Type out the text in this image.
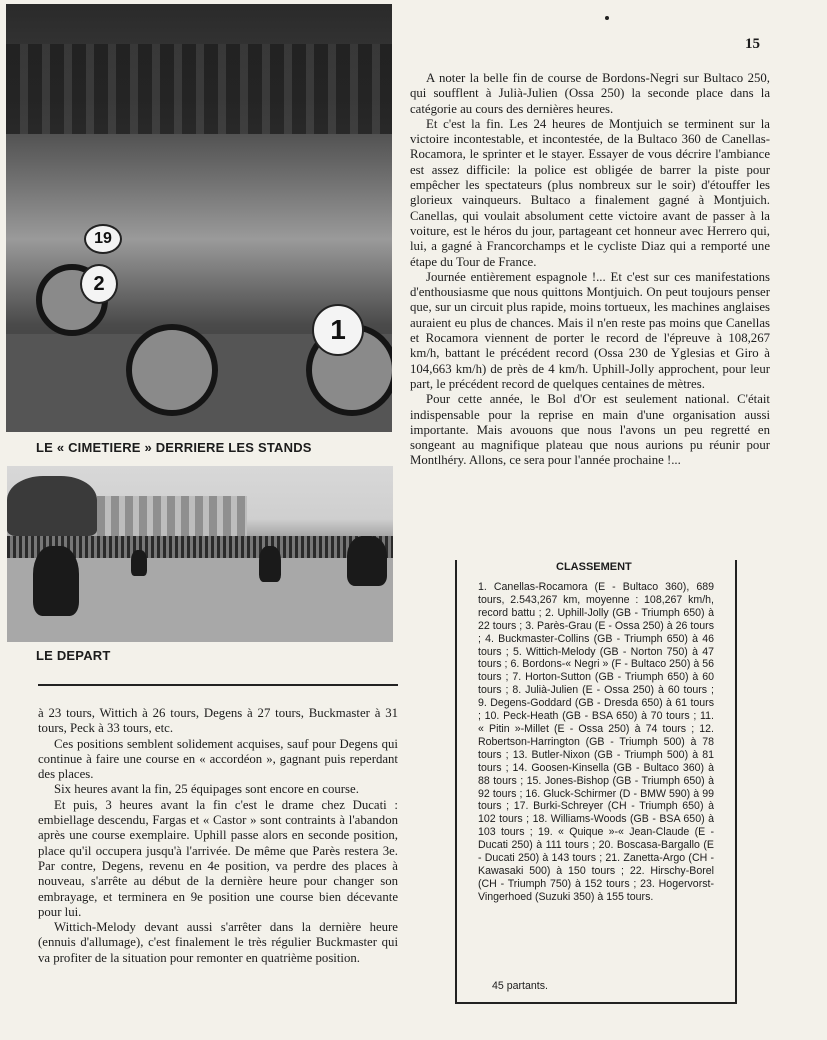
15
19
2
1
LE « CIMETIERE » DERRIERE LES STANDS
LE DEPART

A noter la belle fin de course de Bordons-Negri sur Bultaco 250, qui soufflent à Julià-Julien (Ossa 250) la seconde place dans la catégorie au cours des dernières heures.

Et c'est la fin. Les 24 heures de Montjuich se terminent sur la victoire incontestable, et incontestée, de la Bultaco 360 de Canellas-Rocamora, le sprinter et le stayer. Essayer de vous décrire l'ambiance est assez difficile: la police est obligée de barrer la piste pour empêcher les spectateurs (plus nombreux sur le soir) d'étouffer les glorieux vainqueurs. Bultaco a finalement gagné à Montjuich. Canellas, qui voulait absolument cette victoire avant de passer à la voiture, est le héros du jour, partageant cet honneur avec Herrero qui, lui, a gagné à Francorchamps et le cycliste Diaz qui a remporté une étape du Tour de France.

Journée entièrement espagnole !... Et c'est sur ces manifestations d'enthousiasme que nous quittons Montjuich. On peut toujours penser que, sur un circuit plus rapide, moins tortueux, les machines anglaises auraient eu plus de chances. Mais il n'en reste pas moins que Canellas et Rocamora viennent de porter le record de l'épreuve à 108,267 km/h, battant le précédent record (Ossa 230 de Yglesias et Giro à 104,663 km/h) de près de 4 km/h. Uphill-Jolly approchent, pour leur part, le précédent record de quelques centaines de mètres.

Pour cette année, le Bol d'Or est seulement national. C'était indispensable pour la reprise en main d'une organisation aussi importante. Mais avouons que nous l'avons un peu regretté en songeant au magnifique plateau que nous aurions pu réunir pour Montlhéry. Allons, ce sera pour l'année prochaine !...

à 23 tours, Wittich à 26 tours, Degens à 27 tours, Buckmaster à 31 tours, Peck à 33 tours, etc.

Ces positions semblent solidement acquises, sauf pour Degens qui continue à faire une course en « accordéon », gagnant puis reperdant des places.

Six heures avant la fin, 25 équipages sont encore en course.

Et puis, 3 heures avant la fin c'est le drame chez Ducati : embiellage descendu, Fargas et « Castor » sont contraints à l'abandon après une course exemplaire. Uphill passe alors en seconde position, place qu'il occupera jusqu'à l'arrivée. De même que Parès restera 3e. Par contre, Degens, revenu en 4e position, va perdre des places à nouveau, s'arrête au début de la dernière heure pour changer son embrayage, et terminera en 9e position une course bien décevante pour lui.

Wittich-Melody devant aussi s'arrêter dans la dernière heure (ennuis d'allumage), c'est finalement le très régulier Buckmaster qui va profiter de la situation pour remonter en quatrième position.

CLASSEMENT

1. Canellas-Rocamora (E - Bultaco 360), 689 tours, 2.543,267 km, moyenne : 108,267 km/h, record battu ; 2. Uphill-Jolly (GB - Triumph 650) à 22 tours ; 3. Parès-Grau (E - Ossa 250) à 26 tours ; 4. Buckmaster-Collins (GB - Triumph 650) à 46 tours ; 5. Wittich-Melody (GB - Norton 750) à 47 tours ; 6. Bordons-« Negri » (F - Bultaco 250) à 56 tours ; 7. Horton-Sutton (GB - Triumph 650) à 60 tours ; 8. Julià-Julien (E - Ossa 250) à 60 tours ; 9. Degens-Goddard (GB - Dresda 650) à 61 tours ; 10. Peck-Heath (GB - BSA 650) à 70 tours ; 11. « Pitin »-Millet (E - Ossa 250) à 74 tours ; 12. Robertson-Harrington (GB - Triumph 500) à 78 tours ; 13. Butler-Nixon (GB - Triumph 500) à 81 tours ; 14. Goosen-Kinsella (GB - Bultaco 360) à 88 tours ; 15. Jones-Bishop (GB - Triumph 650) à 92 tours ; 16. Gluck-Schirmer (D - BMW 590) à 99 tours ; 17. Burki-Schreyer (CH - Triumph 650) à 102 tours ; 18. Williams-Woods (GB - BSA 650) à 103 tours ; 19. « Quique »-« Jean-Claude (E - Ducati 250) à 111 tours ; 20. Boscasa-Bargallo (E - Ducati 250) à 143 tours ; 21. Zanetta-Argo (CH - Kawasaki 500) à 150 tours ; 22. Hirschy-Borel (CH - Triumph 750) à 152 tours ; 23. Hogervorst-Vingerhoed (Suzuki 350) à 155 tours.

45 partants.
